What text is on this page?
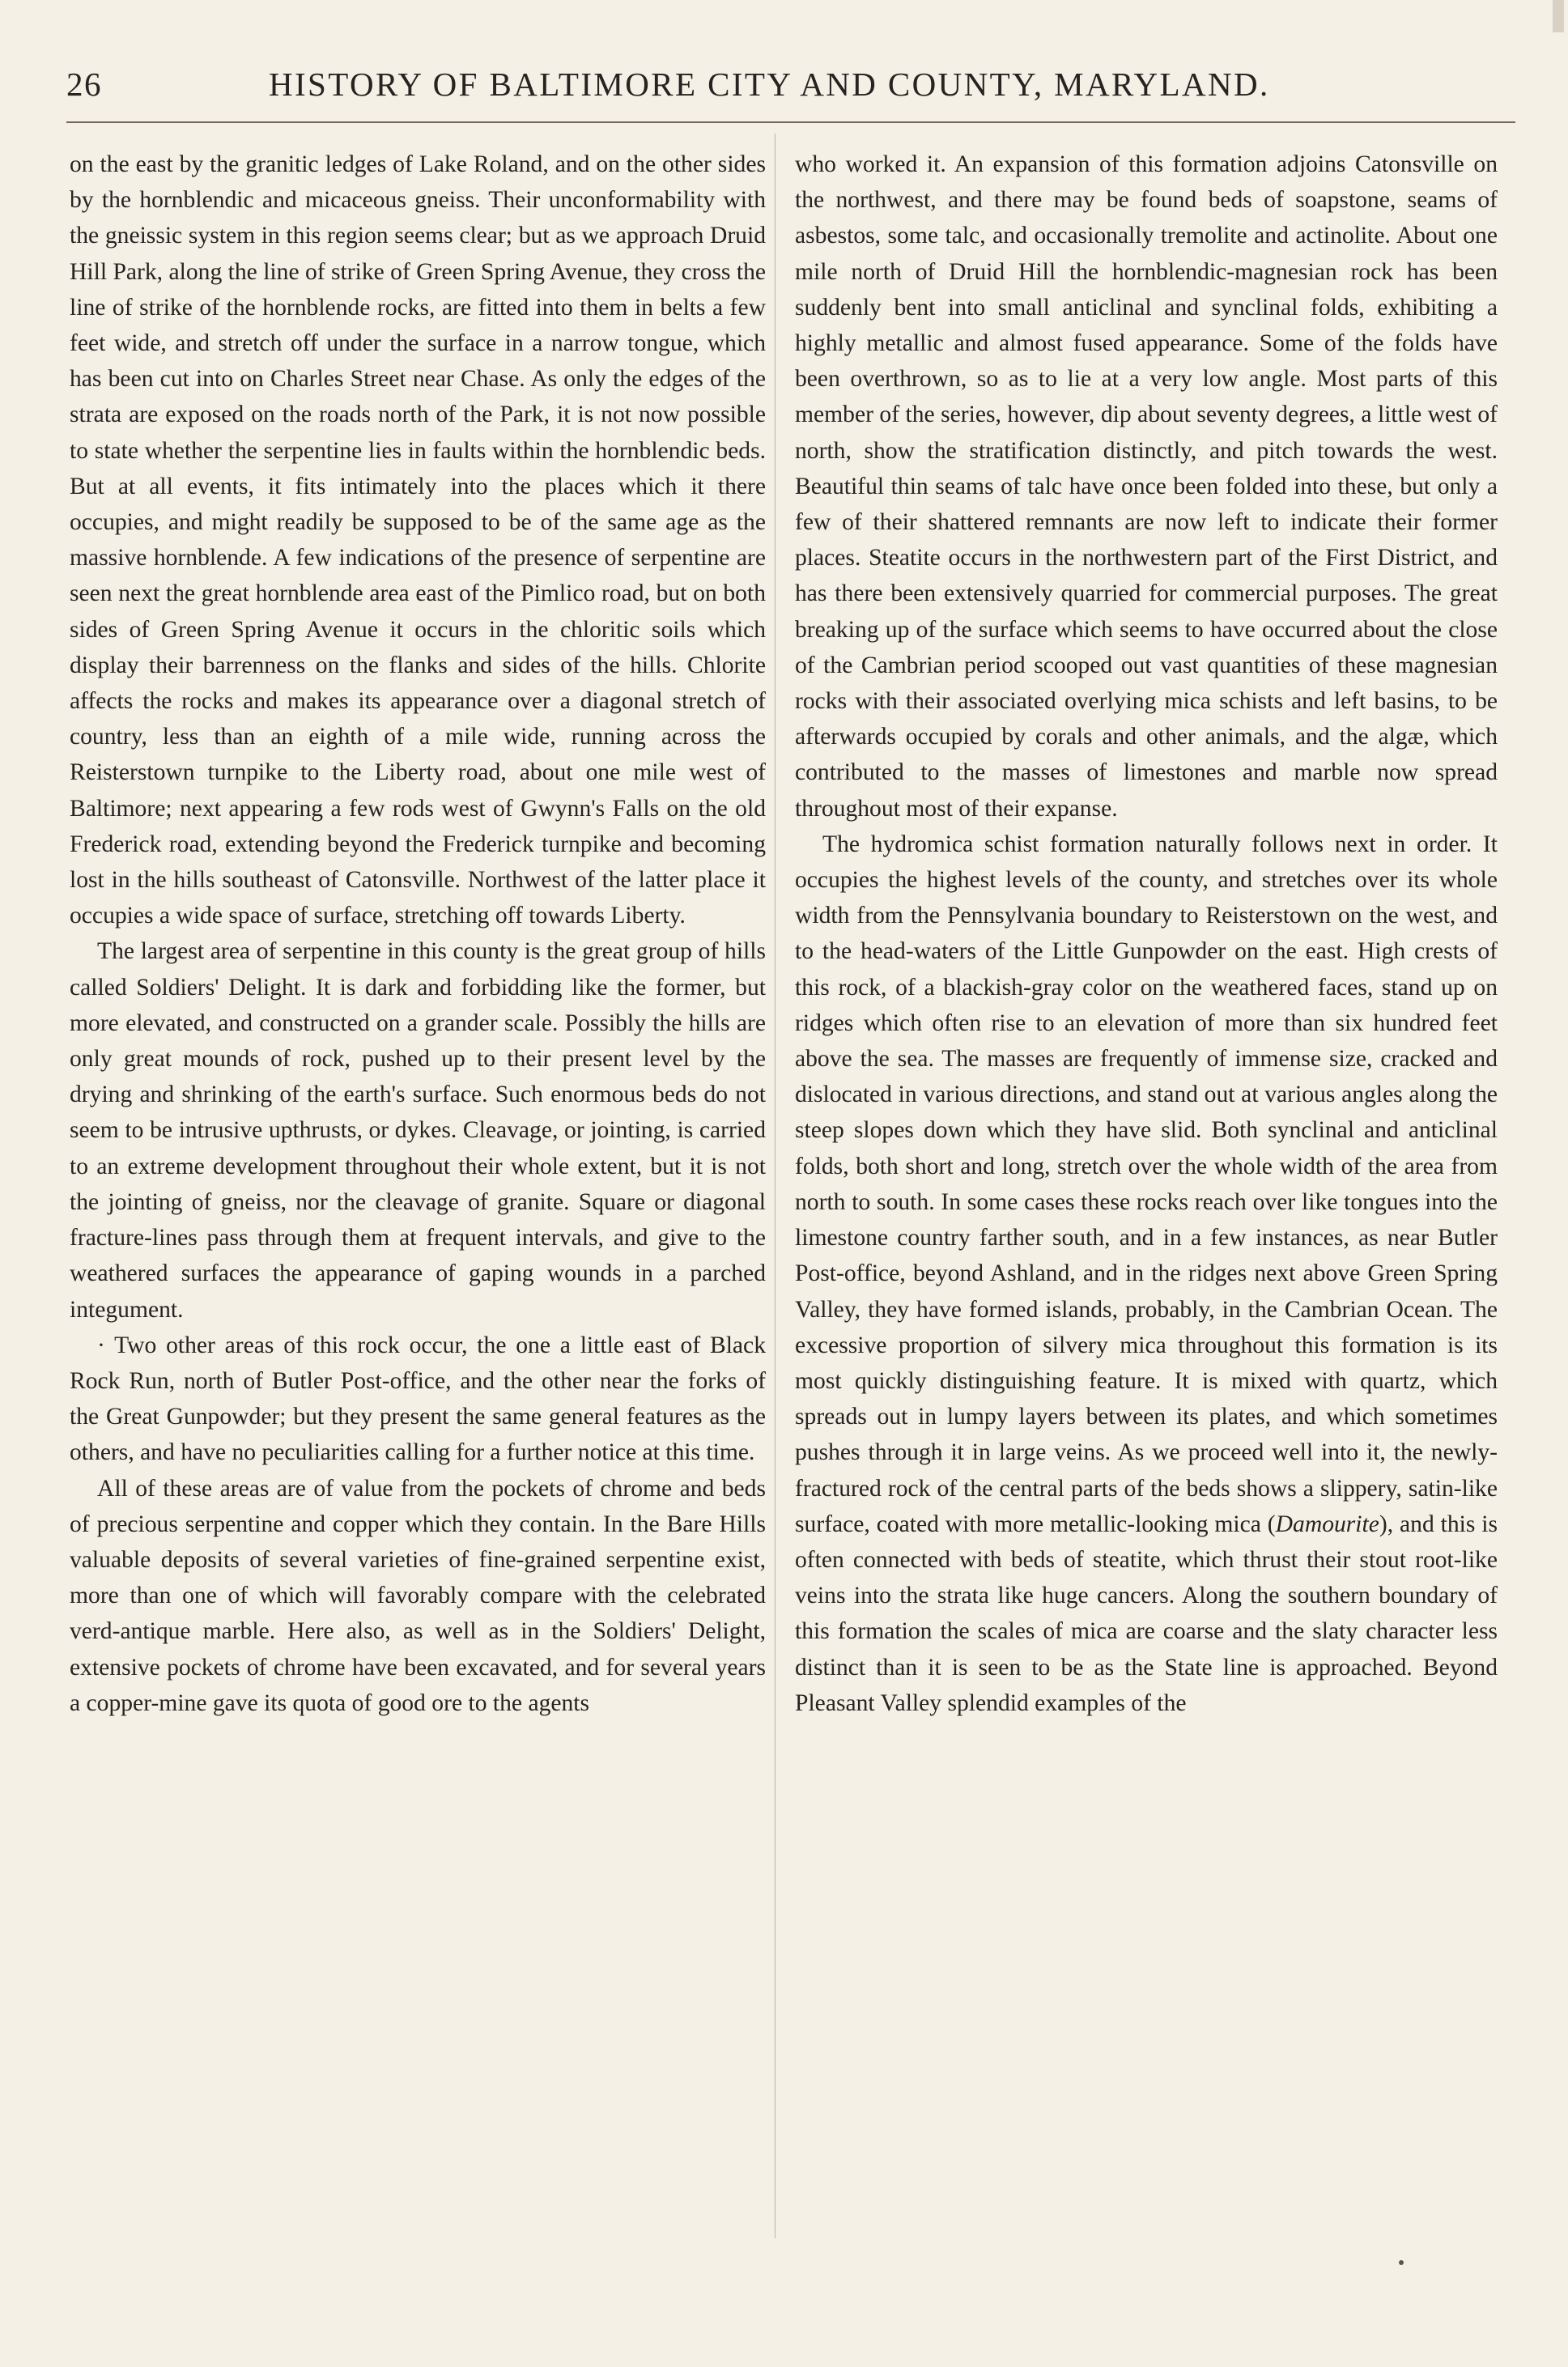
26	HISTORY OF BALTIMORE CITY AND COUNTY, MARYLAND.

on the east by the granitic ledges of Lake Roland, and on the other sides by the hornblendic and micaceous gneiss. Their unconformability with the gneissic system in this region seems clear; but as we approach Druid Hill Park, along the line of strike of Green Spring Avenue, they cross the line of strike of the hornblende rocks, are fitted into them in belts a few feet wide, and stretch off under the surface in a narrow tongue, which has been cut into on Charles Street near Chase. As only the edges of the strata are exposed on the roads north of the Park, it is not now possible to state whether the serpentine lies in faults within the hornblendic beds. But at all events, it fits intimately into the places which it there occupies, and might readily be supposed to be of the same age as the massive hornblende. A few indications of the presence of serpentine are seen next the great hornblende area east of the Pimlico road, but on both sides of Green Spring Avenue it occurs in the chloritic soils which display their barrenness on the flanks and sides of the hills. Chlorite affects the rocks and makes its appearance over a diagonal stretch of country, less than an eighth of a mile wide, running across the Reisterstown turnpike to the Liberty road, about one mile west of Baltimore; next appearing a few rods west of Gwynn's Falls on the old Frederick road, extending beyond the Frederick turnpike and becoming lost in the hills southeast of Catonsville. Northwest of the latter place it occupies a wide space of surface, stretching off towards Liberty.

The largest area of serpentine in this county is the great group of hills called Soldiers' Delight. It is dark and forbidding like the former, but more elevated, and constructed on a grander scale. Possibly the hills are only great mounds of rock, pushed up to their present level by the drying and shrinking of the earth's surface. Such enormous beds do not seem to be intrusive upthrusts, or dykes. Cleavage, or jointing, is carried to an extreme development throughout their whole extent, but it is not the jointing of gneiss, nor the cleavage of granite. Square or diagonal fracture-lines pass through them at frequent intervals, and give to the weathered surfaces the appearance of gaping wounds in a parched integument.

· Two other areas of this rock occur, the one a little east of Black Rock Run, north of Butler Post-office, and the other near the forks of the Great Gunpowder; but they present the same general features as the others, and have no peculiarities calling for a further notice at this time.

All of these areas are of value from the pockets of chrome and beds of precious serpentine and copper which they contain. In the Bare Hills valuable deposits of several varieties of fine-grained serpentine exist, more than one of which will favorably compare with the celebrated verd-antique marble. Here also, as well as in the Soldiers' Delight, extensive pockets of chrome have been excavated, and for several years a copper-mine gave its quota of good ore to the agents

who worked it. An expansion of this formation adjoins Catonsville on the northwest, and there may be found beds of soapstone, seams of asbestos, some talc, and occasionally tremolite and actinolite. About one mile north of Druid Hill the hornblendic-magnesian rock has been suddenly bent into small anticlinal and synclinal folds, exhibiting a highly metallic and almost fused appearance. Some of the folds have been overthrown, so as to lie at a very low angle. Most parts of this member of the series, however, dip about seventy degrees, a little west of north, show the stratification distinctly, and pitch towards the west. Beautiful thin seams of talc have once been folded into these, but only a few of their shattered remnants are now left to indicate their former places. Steatite occurs in the northwestern part of the First District, and has there been extensively quarried for commercial purposes. The great breaking up of the surface which seems to have occurred about the close of the Cambrian period scooped out vast quantities of these magnesian rocks with their associated overlying mica schists and left basins, to be afterwards occupied by corals and other animals, and the algæ, which contributed to the masses of limestones and marble now spread throughout most of their expanse.

The hydromica schist formation naturally follows next in order. It occupies the highest levels of the county, and stretches over its whole width from the Pennsylvania boundary to Reisterstown on the west, and to the head-waters of the Little Gunpowder on the east. High crests of this rock, of a blackish-gray color on the weathered faces, stand up on ridges which often rise to an elevation of more than six hundred feet above the sea. The masses are frequently of immense size, cracked and dislocated in various directions, and stand out at various angles along the steep slopes down which they have slid. Both synclinal and anticlinal folds, both short and long, stretch over the whole width of the area from north to south. In some cases these rocks reach over like tongues into the limestone country farther south, and in a few instances, as near Butler Post-office, beyond Ashland, and in the ridges next above Green Spring Valley, they have formed islands, probably, in the Cambrian Ocean. The excessive proportion of silvery mica throughout this formation is its most quickly distinguishing feature. It is mixed with quartz, which spreads out in lumpy layers between its plates, and which sometimes pushes through it in large veins. As we proceed well into it, the newly-fractured rock of the central parts of the beds shows a slippery, satin-like surface, coated with more metallic-looking mica (Damourite), and this is often connected with beds of steatite, which thrust their stout root-like veins into the strata like huge cancers. Along the southern boundary of this formation the scales of mica are coarse and the slaty character less distinct than it is seen to be as the State line is approached. Beyond Pleasant Valley splendid examples of the
